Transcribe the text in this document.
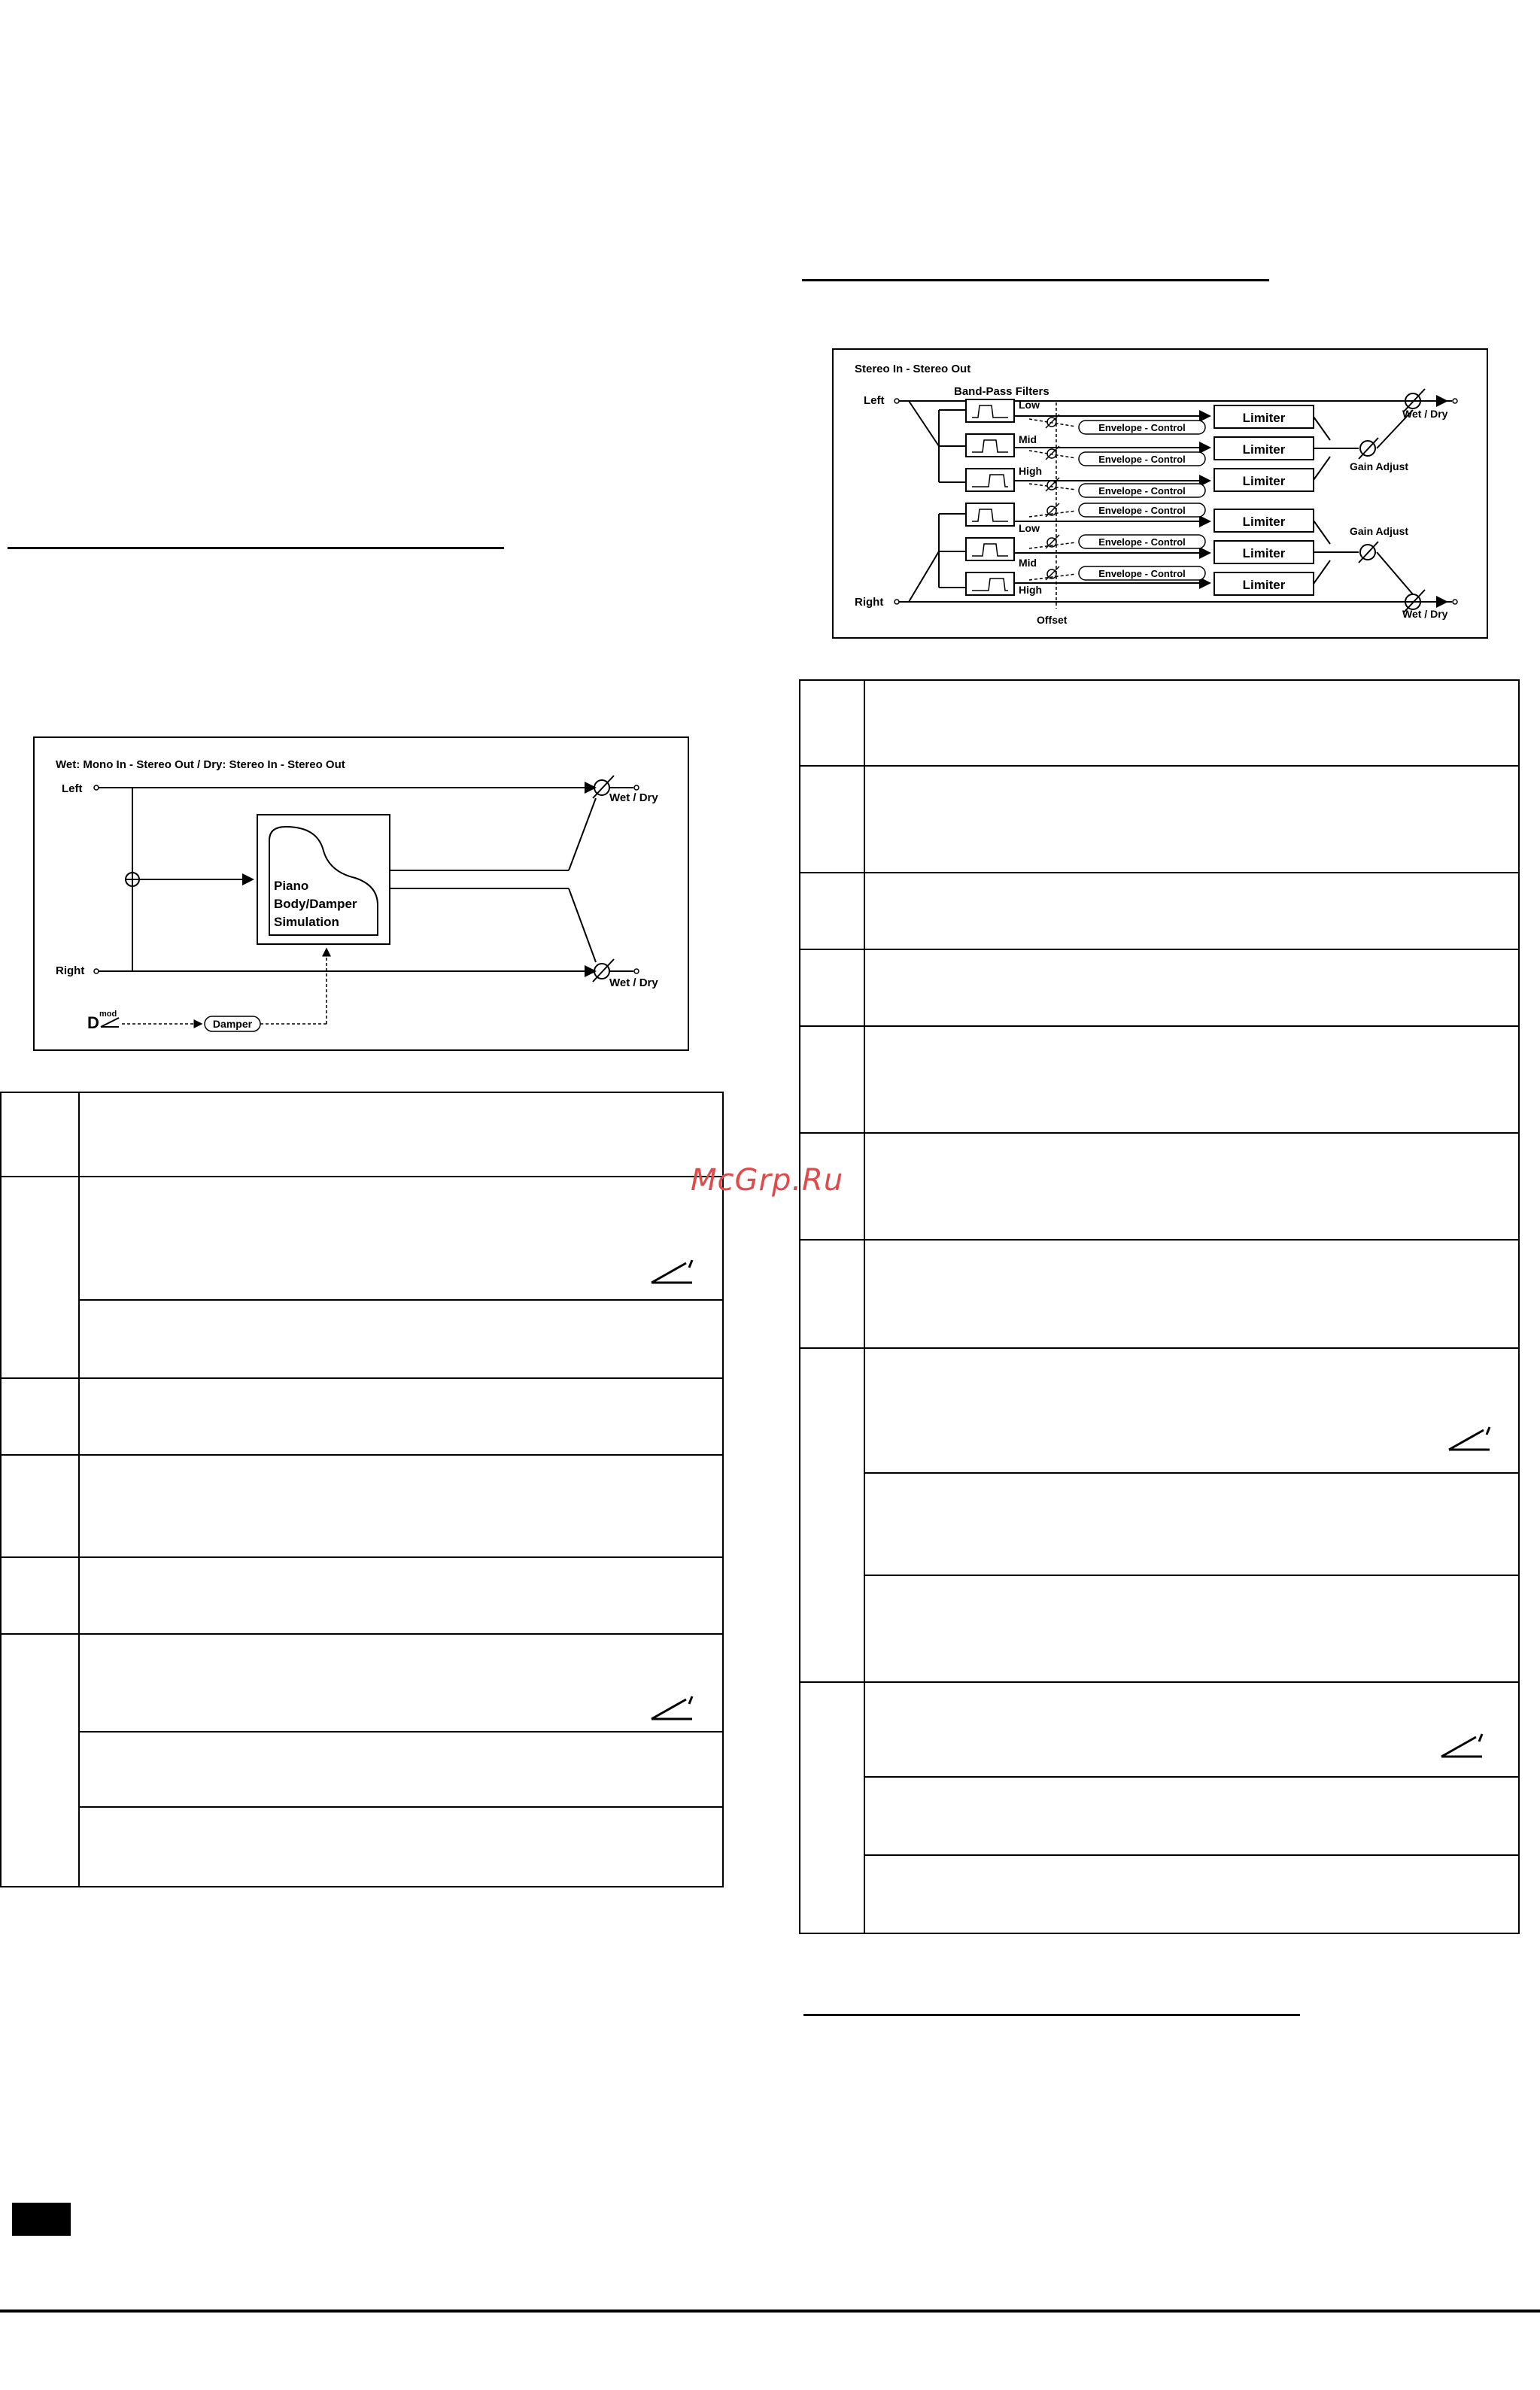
Stereo In - Stereo Out
Band-Pass Filters
Left
Right
Low
Mid
High
Low
Mid
High
Envelope - Control
Envelope - Control
Envelope - Control
Envelope - Control
Envelope - Control
Envelope - Control
Offset
Limiter
Limiter
Limiter
Limiter
Limiter
Limiter
Gain Adjust
Gain Adjust
Wet / Dry
Wet / Dry
Wet: Mono In - Stereo Out / Dry: Stereo In - Stereo Out
Left
Right
Piano
Body/Damper
Simulation
Wet / Dry
Wet / Dry
D mod
Damper
McGrp.Ru
